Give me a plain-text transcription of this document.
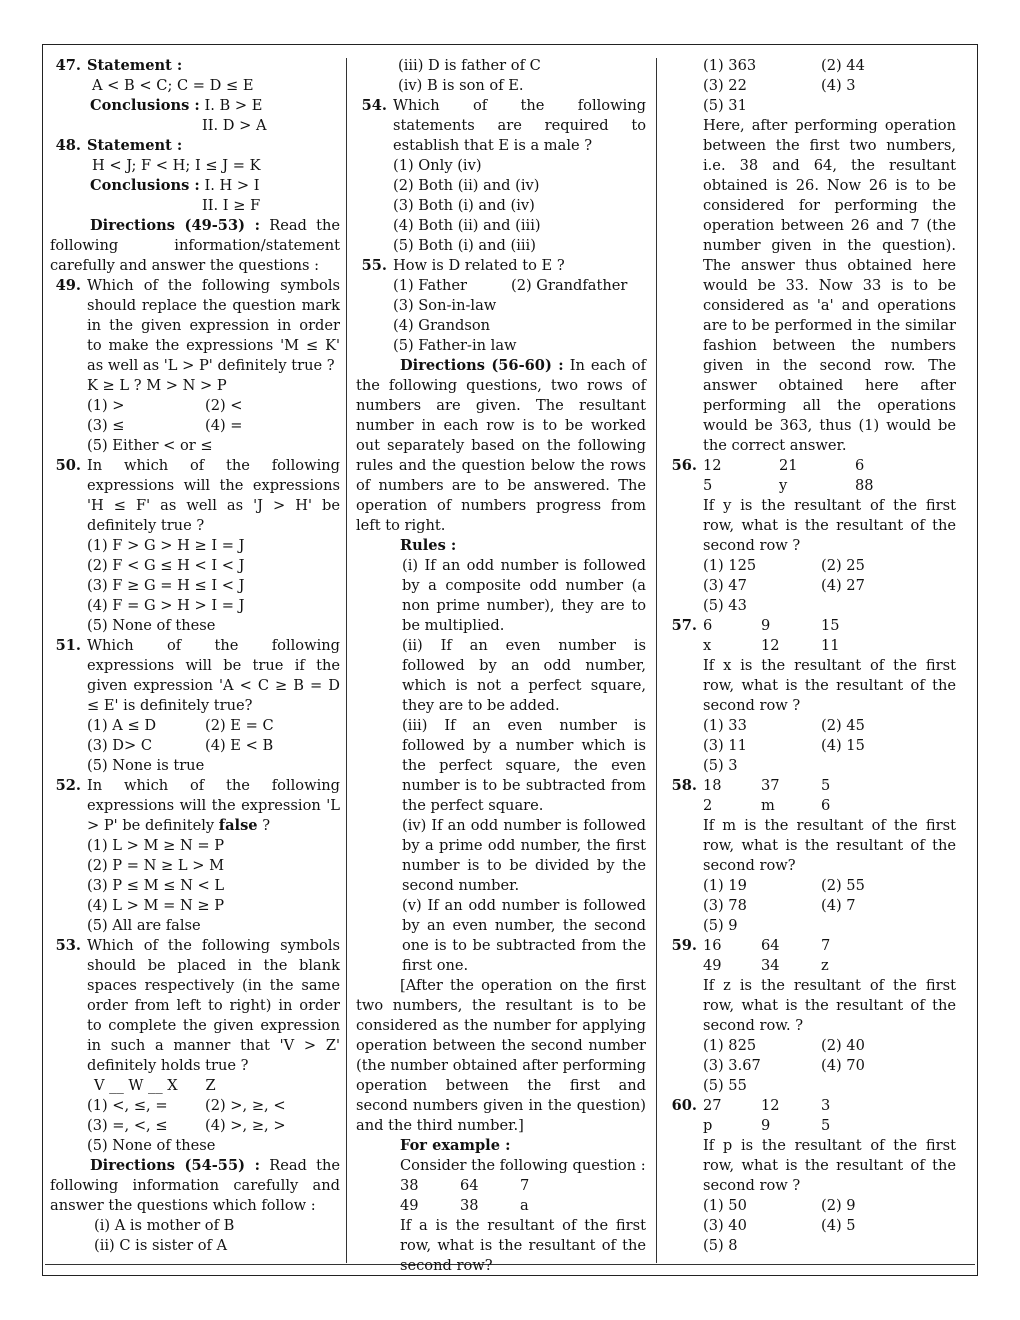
47. Statement :

A < B < C; C = D ≤ E

Conclusions : I. B > E

II. D > A

48. Statement :

H < J; F < H; I ≤ J = K

Conclusions : I. H > I

II. I ≥ F

Directions (49-53) : Read the following information/statement carefully and answer the questions :

49. Which of the following symbols should replace the question mark in the given expression in order to make the expressions 'M ≤ K' as well as 'L > P' definitely true ?

K ≥ L ? M > N > P

(1) >	(2) <
(3) ≤	(4) =

(5) Either < or ≤

50. In which of the following expressions will the expressions 'H ≤ F' as well as 'J > H' be definitely true ?

(1) F > G > H ≥ I = J

(2) F < G ≤ H < I < J

(3) F ≥ G = H ≤ I < J

(4) F = G > H > I = J

(5) None of these

51. Which of the following expressions will be true if the given expression 'A < C ≥ B = D ≤ E' is definitely true?
(1) A ≤ D	(2) E = C
(3) D> C	(4) E < B

(5) None is true

52. In which of the following expressions will the expression 'L > P' be definitely false ?

(1) L > M ≥ N = P

(2) P = N ≥ L > M

(3) P ≤ M ≤ N < L

(4) L > M = N ≥ P

(5) All are false

53. Which of the following symbols should be placed in the blank spaces respectively (in the same order from left to right) in order to complete the given expression in such a manner that 'V > Z' definitely holds true ?

V __ W __ X      Z

(1) <, ≤, =	(2) >, ≥, <
(3) =, <, ≤	(4) >, ≥, >

(5) None of these

Directions (54-55) : Read the following information carefully and answer the questions which follow :

(i) A is mother of B

(ii) C is sister of A

(iii) D is father of C

(iv) B is son of E.

54. Which of the following statements are required to establish that E is a male ?

(1) Only (iv)

(2) Both (ii) and (iv)

(3) Both (i) and (iv)

(4) Both (ii) and (iii)

(5) Both (i) and (iii)

55. How is D related to E ?
(1) Father	(2) Grandfather

(3) Son-in-law

(4) Grandson

(5) Father-in law

Directions (56-60) : In each of the following questions, two rows of numbers are given. The resultant number in each row is to be worked out separately based on the following rules and the question below the rows of numbers are to be answered. The operation of numbers progress from left to right.

Rules :

(i) If an odd number is followed by a composite odd number (a non prime number), they are to be multiplied.

(ii) If an even number is followed by an odd number, which is not a perfect square, they are to be added.

(iii) If an even number is followed by a number which is the perfect square, the even number is to be subtracted from the perfect square.

(iv) If an odd number is followed by a prime odd number, the first number is to be divided by the second number.

(v) If an odd number is followed by an even number, the second one is to be subtracted from the first one.

[After the operation on the first two numbers, the resultant is to be considered as the number for applying operation between the second number (the number obtained after performing operation between the first and second numbers given in the question) and the third number.]

For example :

Consider the following question :

38	64	7
49	38	a

If a is the resultant of the first row, what is the resultant of the second row?

(1) 363	(2) 44
(3) 22	(4) 3

(5) 31

Here, after performing operation between the first two numbers, i.e. 38 and 64, the resultant obtained is 26. Now 26 is to be considered for performing the operation between 26 and 7 (the number given in the question). The answer thus obtained here would be 33. Now 33 is to be considered as 'a' and operations are to be performed in the similar fashion between the numbers given in the second row. The answer obtained here after performing all the operations would be 363, thus (1) would be the correct answer.

56. 12	21	6
5	y	88

If y is the resultant of the first row, what is the resultant of the second row ?

(1) 125	(2) 25
(3) 47	(4) 27

(5) 43

57. 6	9	15
x	12	11

If x is the resultant of the first row, what is the resultant of the second row ?

(1) 33	(2) 45
(3) 11	(4) 15

(5) 3

58. 18	37	5
2	m	6

If m is the resultant of the first row, what is the resultant of the second row?

(1) 19	(2) 55
(3) 78	(4) 7

(5) 9

59. 16	64	7
49	34	z

If z is the resultant of the first row, what is the resultant of the second row. ?

(1) 825	(2) 40
(3) 3.67	(4) 70

(5) 55

60. 27	12	3
p	9	5

If p is the resultant of the first row, what is the resultant of the second row ?

(1) 50	(2) 9
(3) 40	(4) 5

(5) 8
